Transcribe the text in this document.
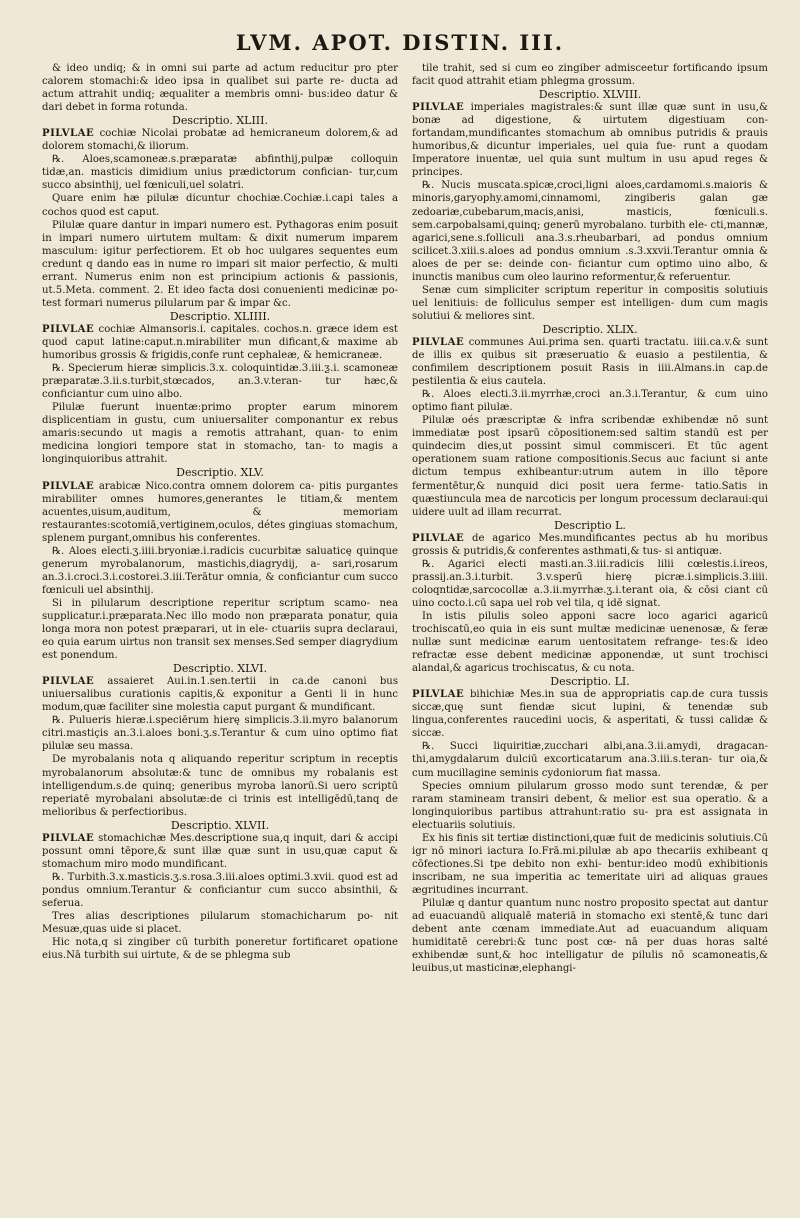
LVM. APOT. DISTIN. III.

& ideo undiq; & in omni sui parte ad actum reducitur pro pter calorem stomachi:& ideo ipsa in qualibet sui parte re- ducta ad actum attrahit undiq; æqualiter a membris omni- bus:ideo datur & dari debet in forma rotunda.

Descriptio. XLIII.

PILVLAE cochiæ Nicolai probatæ ad hemicraneum dolorem,& ad dolorem stomachi,& iliorum.

℞. Aloes,scamoneæ.s.præparatæ abfinthij,pulpæ colloquin tidæ,an. masticis dimidium unius prædictorum confician- tur,cum succo absinthij, uel fœniculi,uel solatri.

Quare enim hæ pilulæ dicuntur chochiæ.Cochiæ.i.capi tales a cochos quod est caput.

Pilulæ quare dantur in impari numero est. Pythagoras enim posuit in impari numero uirtutem multam: & dixit numerum imparem masculum: igitur perfectiorem. Et ob hoc uulgares sequentes eum credunt q dando eas in nume ro impari sit maior perfectio, & multi errant. Numerus enim non est principium actionis & passionis, ut.5.Meta. comment. 2. Et ideo facta dosi conuenienti medicinæ po- test formari numerus pilularum par & impar &c.

Descriptio. XLIIII.

PILVLAE cochiæ Almansoris.i. capitales. cochos.n. græce idem est quod caput latine:caput.n.mirabiliter mun dificant,& maxime ab humoribus grossis & frigidis,confe runt cephaleæ, & hemicraneæ.

℞. Specierum hieræ simplicis.3.x. coloquintidæ.3.iii.ƺ.i. scamoneæ præparatæ.3.ii.s.turbit,stœcados, an.3.v.teran- tur hæc,& conficiantur cum uino albo.

Pilulæ fuerunt inuentæ:primo propter earum minorem displicentiam in gustu, cum uniuersaliter componantur ex rebus amaris:secundo ut magis a remotis attrahant, quan- to enim medicina longiori tempore stat in stomacho, tan- to magis a longinquioribus attrahit.

Descriptio. XLV.

PILVLAE arabicæ Nico.contra omnem dolorem ca- pitis purgantes mirabiliter omnes humores,generantes le titiam,& mentem acuentes,uisum,auditum, & memoriam restaurantes:scotomiā,vertiginem,oculos, détes gingiuas stomachum, splenem purgant,omnibus his conferentes.

℞. Aloes electi.ʒ.iiii.bryoniæ.i.radicis cucurbitæ saluaticę quinque generum myrobalanorum, mastichis,diagrydij, a- sari,rosarum an.3.i.croci.3.i.costorei.3.iii.Terātur omnia, & conficiantur cum succo fœniculi uel absinthij.

Si in pilularum descriptione reperitur scriptum scamo- nea supplicatur.i.præparata.Nec illo modo non præparata ponatur, quia longa mora non potest præparari, ut in ele- ctuariis supra declaraui, eo quia earum uirtus non transit sex menses.Sed semper diagrydium est ponendum.

Descriptio. XLVI.

PILVLAE assaieret Aui.in.1.sen.tertii in ca.de canoni bus uniuersalibus curationis capitis,& exponitur a Genti li in hunc modum,quæ faciliter sine molestia caput purgant & mundificant.

℞. Pulueris hieræ.i.speciērum hierę simplicis.3.ii.myro balanorum citri.mastiçis an.3.i.aloes boni.ʒ.s.Terantur & cum uino optimo fiat pilulæ seu massa.

De myrobalanis nota q aliquando reperitur scriptum in receptis myrobalanorum absolutæ:& tunc de omnibus my robalanis est intelligendum.s.de quinq; generibus myroba lanorū.Si uero scriptū reperiatē myrobalani absolutæ:de ci trinis est intelligēdū,tanq de melioribus & perfectioribus.

Descriptio. XLVII.

PILVLAE stomachichæ Mes.descriptione sua,q inquit, dari & accipi possunt omni tēpore,& sunt illæ quæ sunt in usu,quæ caput & stomachum miro modo mundificant.

℞. Turbith.3.x.masticis.ʒ.s.rosa.3.iii.aloes optimi.3.xvii. quod est ad pondus omnium.Terantur & conficiantur cum succo absinthii, & seferua.

Tres alias descriptiones pilularum stomachicharum po- nit Mesuæ,quas uide si placet.

Hic nota,q si zingiber cū turbith poneretur fortificaret opatione eius.Nā turbith sui uirtute, & de se phlegma sub

tile trahit, sed si cum eo zingiber admisceetur fortificando ipsum facit quod attrahit etiam phlegma grossum.

Descriptio. XLVIII.

PILVLAE imperiales magistrales:& sunt illæ quæ sunt in usu,& bonæ ad digestione, & uirtutem digestiuam con- fortandam,mundificantes stomachum ab omnibus putridis & prauis humoribus,& dicuntur imperiales, uel quia fue- runt a quodam Imperatore inuentæ, uel quia sunt multum in usu apud reges & principes.

℞. Nucis muscata.spicæ,croci,ligni aloes,cardamomi.s.maioris & minoris,garyophy.amomi,cinnamomi, zingiberis galan gæ zedoariæ,cubebarum,macis,anisi, masticis, fœniculi.s. sem.carpobalsami,quinq; generū myrobalano. turbith ele- cti,mannæ, agarici,sene.s.folliculi ana.3.s.rheubarbari, ad pondus omnium scilicet.3.xiii.s.aloes ad pondus omnium .s.3.xxvii.Terantur omnia & aloes de per se: deinde con- ficiantur cum optimo uino albo, & inunctis manibus cum oleo laurino reformentur,& referuentur.

Senæ cum simpliciter scriptum reperitur in compositis solutiuis uel lenitiuis: de folliculus semper est intelligen- dum cum magis solutiui & meliores sint.

Descriptio. XLIX.

PILVLAE communes Aui.prima sen. quarti tractatu. iiii.ca.v.& sunt de illis ex quibus sit præseruatio & euasio a pestilentia, & confimilem descriptionem posuit Rasis in iiii.Almans.in cap.de pestilentia & eius cautela.

℞. Aloes electi.3.ii.myrrhæ,croci an.3.i.Terantur, & cum uino optimo fiant pilulæ.

Pilulæ oés præscriptæ & infra scribendæ exhibendæ nō sunt immediatæ post ipsarū cōpositionem:sed saltim standū est per quindecim dies,ut possint simul commisceri. Et tūc agent operationem suam ratione compositionis.Secus auc faciunt si ante dictum tempus exhibeantur:utrum autem in illo tēpore fermentētur,& nunquid dici posit uera ferme- tatio.Satis in quæstiuncula mea de narcoticis per longum processum declaraui:qui uidere uult ad illam recurrat.

Descriptio L.

PILVLAE de agarico Mes.mundificantes pectus ab hu moribus grossis & putridis,& conferentes asthmati,& tus- si antiquæ.

℞. Agarici electi masti.an.3.iii.radicis lilii cœlestis.i.ireos, prassij.an.3.i.turbit. 3.v.sperū hierę picræ.i.simplicis.3.iiii. coloqntidæ,sarcocollæ a.3.ii.myrrhæ.ʒ.i.terant oia, & cōsi ciant cū uino cocto.i.cū sapa uel rob vel tila, q idē signat.

In istis pilulis soleo apponi sacre loco agarici agaricū trochiscatū,eo quia in eis sunt multæ medicinæ uenenosæ, & feræ nullæ sunt medicinæ earum uentositatem refrange- tes:& ideo refractæ esse debent medicinæ apponendæ, ut sunt trochisci alandal,& agaricus trochiscatus, & cu nota.

Descriptio. LI.

PILVLAE bihichiæ Mes.in sua de appropriatis cap.de cura tussis siccæ,quę sunt fiendæ sicut lupini, & tenendæ sub lingua,conferentes raucedini uocis, & asperitati, & tussi calidæ & siccæ.

℞. Succi liquiritiæ,zucchari albi,ana.3.ii.amydi, dragacan- thi,amygdalarum dulciū excorticatarum ana.3.iii.s.teran- tur oia,& cum mucillagine seminis cydoniorum fiat massa.

Species omnium pilularum grosso modo sunt terendæ, & per raram stamineam transiri debent, & melior est sua operatio. & a longinquioribus partibus attrahunt:ratio su- pra est assignata in electuariis solutiuis.

Ex his finis sit tertiæ distinctioni,quæ fuit de medicinis solutiuis.Cū igr nō minori iactura Io.Frā.mi.pilulæ ab apo thecariis exhibeant q cōfectiones.Si tpe debito non exhi- bentur:ideo modū exhibitionis inscribam, ne sua imperitia ac temeritate uiri ad aliquas graues ægritudines incurrant.

Pilulæ q dantur quantum nunc nostro proposito spectat aut dantur ad euacuandū aliqualē materiā in stomacho exi stentē,& tunc dari debent ante cœnam immediate.Aut ad euacuandum aliquam humiditatē cerebri:& tunc post cœ- nā per duas horas salté exhibendæ sunt,& hoc intelligatur de pilulis nō scamoneatis,& leuibus,ut masticinæ,elephangi-
